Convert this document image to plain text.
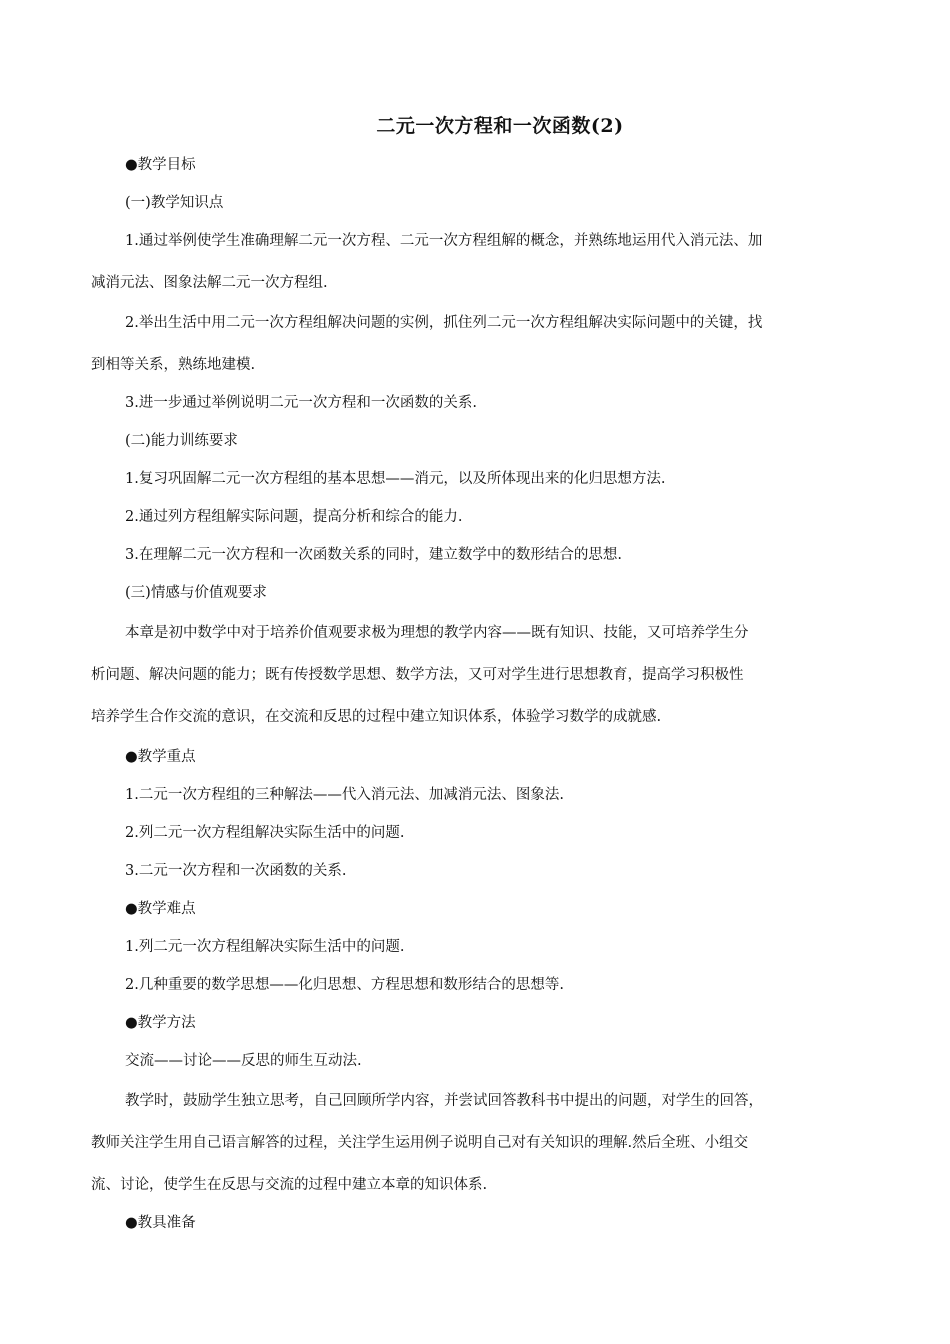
二元一次方程和一次函数(2)
●教学目标
(一)教学知识点
1.通过举例使学生准确理解二元一次方程、二元一次方程组解的概念，并熟练地运用代入消元法、加
减消元法、图象法解二元一次方程组.
2.举出生活中用二元一次方程组解决问题的实例，抓住列二元一次方程组解决实际问题中的关键，找
到相等关系，熟练地建模.
3.进一步通过举例说明二元一次方程和一次函数的关系.
(二)能力训练要求
1.复习巩固解二元一次方程组的基本思想——消元，以及所体现出来的化归思想方法.
2.通过列方程组解实际问题，提高分析和综合的能力.
3.在理解二元一次方程和一次函数关系的同时，建立数学中的数形结合的思想.
(三)情感与价值观要求
本章是初中数学中对于培养价值观要求极为理想的教学内容——既有知识、技能，又可培养学生分
析问题、解决问题的能力；既有传授数学思想、数学方法，又可对学生进行思想教育，提高学习积极性
培养学生合作交流的意识，在交流和反思的过程中建立知识体系，体验学习数学的成就感.
●教学重点
1.二元一次方程组的三种解法——代入消元法、加减消元法、图象法.
2.列二元一次方程组解决实际生活中的问题.
3.二元一次方程和一次函数的关系.
●教学难点
1.列二元一次方程组解决实际生活中的问题.
2.几种重要的数学思想——化归思想、方程思想和数形结合的思想等.
●教学方法
交流——讨论——反思的师生互动法.
教学时，鼓励学生独立思考，自己回顾所学内容，并尝试回答教科书中提出的问题，对学生的回答，
教师关注学生用自己语言解答的过程，关注学生运用例子说明自己对有关知识的理解.然后全班、小组交
流、讨论，使学生在反思与交流的过程中建立本章的知识体系.
●教具准备
